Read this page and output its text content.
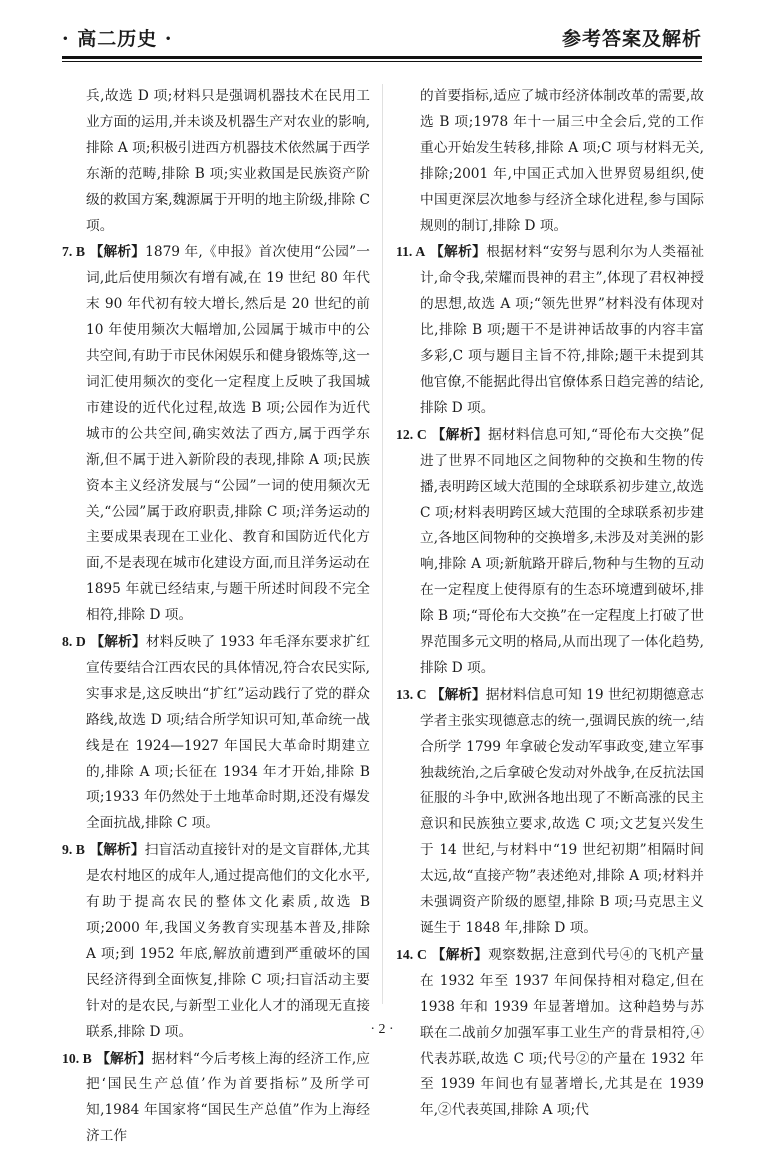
· 高二历史 ·	参考答案及解析

兵,故选 D 项;材料只是强调机器技术在民用工业方面的运用,并未谈及机器生产对农业的影响,排除 A 项;积极引进西方机器技术依然属于西学东渐的范畴,排除 B 项;实业救国是民族资产阶级的救国方案,魏源属于开明的地主阶级,排除 C 项。

7. B 【解析】1879 年,《申报》首次使用“公园”一词,此后使用频次有增有减,在 19 世纪 80 年代末 90 年代初有较大增长,然后是 20 世纪的前 10 年使用频次大幅增加,公园属于城市中的公共空间,有助于市民休闲娱乐和健身锻炼等,这一词汇使用频次的变化一定程度上反映了我国城市建设的近代化过程,故选 B 项;公园作为近代城市的公共空间,确实效法了西方,属于西学东渐,但不属于进入新阶段的表现,排除 A 项;民族资本主义经济发展与“公园”一词的使用频次无关,“公园”属于政府职责,排除 C 项;洋务运动的主要成果表现在工业化、教育和国防近代化方面,不是表现在城市化建设方面,而且洋务运动在 1895 年就已经结束,与题干所述时间段不完全相符,排除 D 项。

8. D 【解析】材料反映了 1933 年毛泽东要求扩红宣传要结合江西农民的具体情况,符合农民实际,实事求是,这反映出“扩红”运动践行了党的群众路线,故选 D 项;结合所学知识可知,革命统一战线是在 1924—1927 年国民大革命时期建立的,排除 A 项;长征在 1934 年才开始,排除 B 项;1933 年仍然处于土地革命时期,还没有爆发全面抗战,排除 C 项。

9. B 【解析】扫盲活动直接针对的是文盲群体,尤其是农村地区的成年人,通过提高他们的文化水平,有助于提高农民的整体文化素质,故选 B 项;2000 年,我国义务教育实现基本普及,排除 A 项;到 1952 年底,解放前遭到严重破坏的国民经济得到全面恢复,排除 C 项;扫盲活动主要针对的是农民,与新型工业化人才的涌现无直接联系,排除 D 项。

10. B 【解析】据材料“今后考核上海的经济工作,应把‘国民生产总值’作为首要指标”及所学可知,1984 年国家将“国民生产总值”作为上海经济工作

的首要指标,适应了城市经济体制改革的需要,故选 B 项;1978 年十一届三中全会后,党的工作重心开始发生转移,排除 A 项;C 项与材料无关,排除;2001 年,中国正式加入世界贸易组织,使中国更深层次地参与经济全球化进程,参与国际规则的制订,排除 D 项。

11. A 【解析】根据材料“安努与恩利尔为人类福祉计,命令我,荣耀而畏神的君主”,体现了君权神授的思想,故选 A 项;“领先世界”材料没有体现对比,排除 B 项;题干不是讲神话故事的内容丰富多彩,C 项与题目主旨不符,排除;题干未提到其他官僚,不能据此得出官僚体系日趋完善的结论,排除 D 项。

12. C 【解析】据材料信息可知,“哥伦布大交换”促进了世界不同地区之间物种的交换和生物的传播,表明跨区域大范围的全球联系初步建立,故选 C 项;材料表明跨区域大范围的全球联系初步建立,各地区间物种的交换增多,未涉及对美洲的影响,排除 A 项;新航路开辟后,物种与生物的互动在一定程度上使得原有的生态环境遭到破坏,排除 B 项;“哥伦布大交换”在一定程度上打破了世界范围多元文明的格局,从而出现了一体化趋势,排除 D 项。

13. C 【解析】据材料信息可知 19 世纪初期德意志学者主张实现德意志的统一,强调民族的统一,结合所学 1799 年拿破仑发动军事政变,建立军事独裁统治,之后拿破仑发动对外战争,在反抗法国征服的斗争中,欧洲各地出现了不断高涨的民主意识和民族独立要求,故选 C 项;文艺复兴发生于 14 世纪,与材料中“19 世纪初期”相隔时间太远,故“直接产物”表述绝对,排除 A 项;材料并未强调资产阶级的愿望,排除 B 项;马克思主义诞生于 1848 年,排除 D 项。

14. C 【解析】观察数据,注意到代号④的飞机产量在 1932 年至 1937 年间保持相对稳定,但在 1938 年和 1939 年显著增加。这种趋势与苏联在二战前夕加强军事工业生产的背景相符,④代表苏联,故选 C 项;代号②的产量在 1932 年至 1939 年间也有显著增长,尤其是在 1939 年,②代表英国,排除 A 项;代

· 2 ·
